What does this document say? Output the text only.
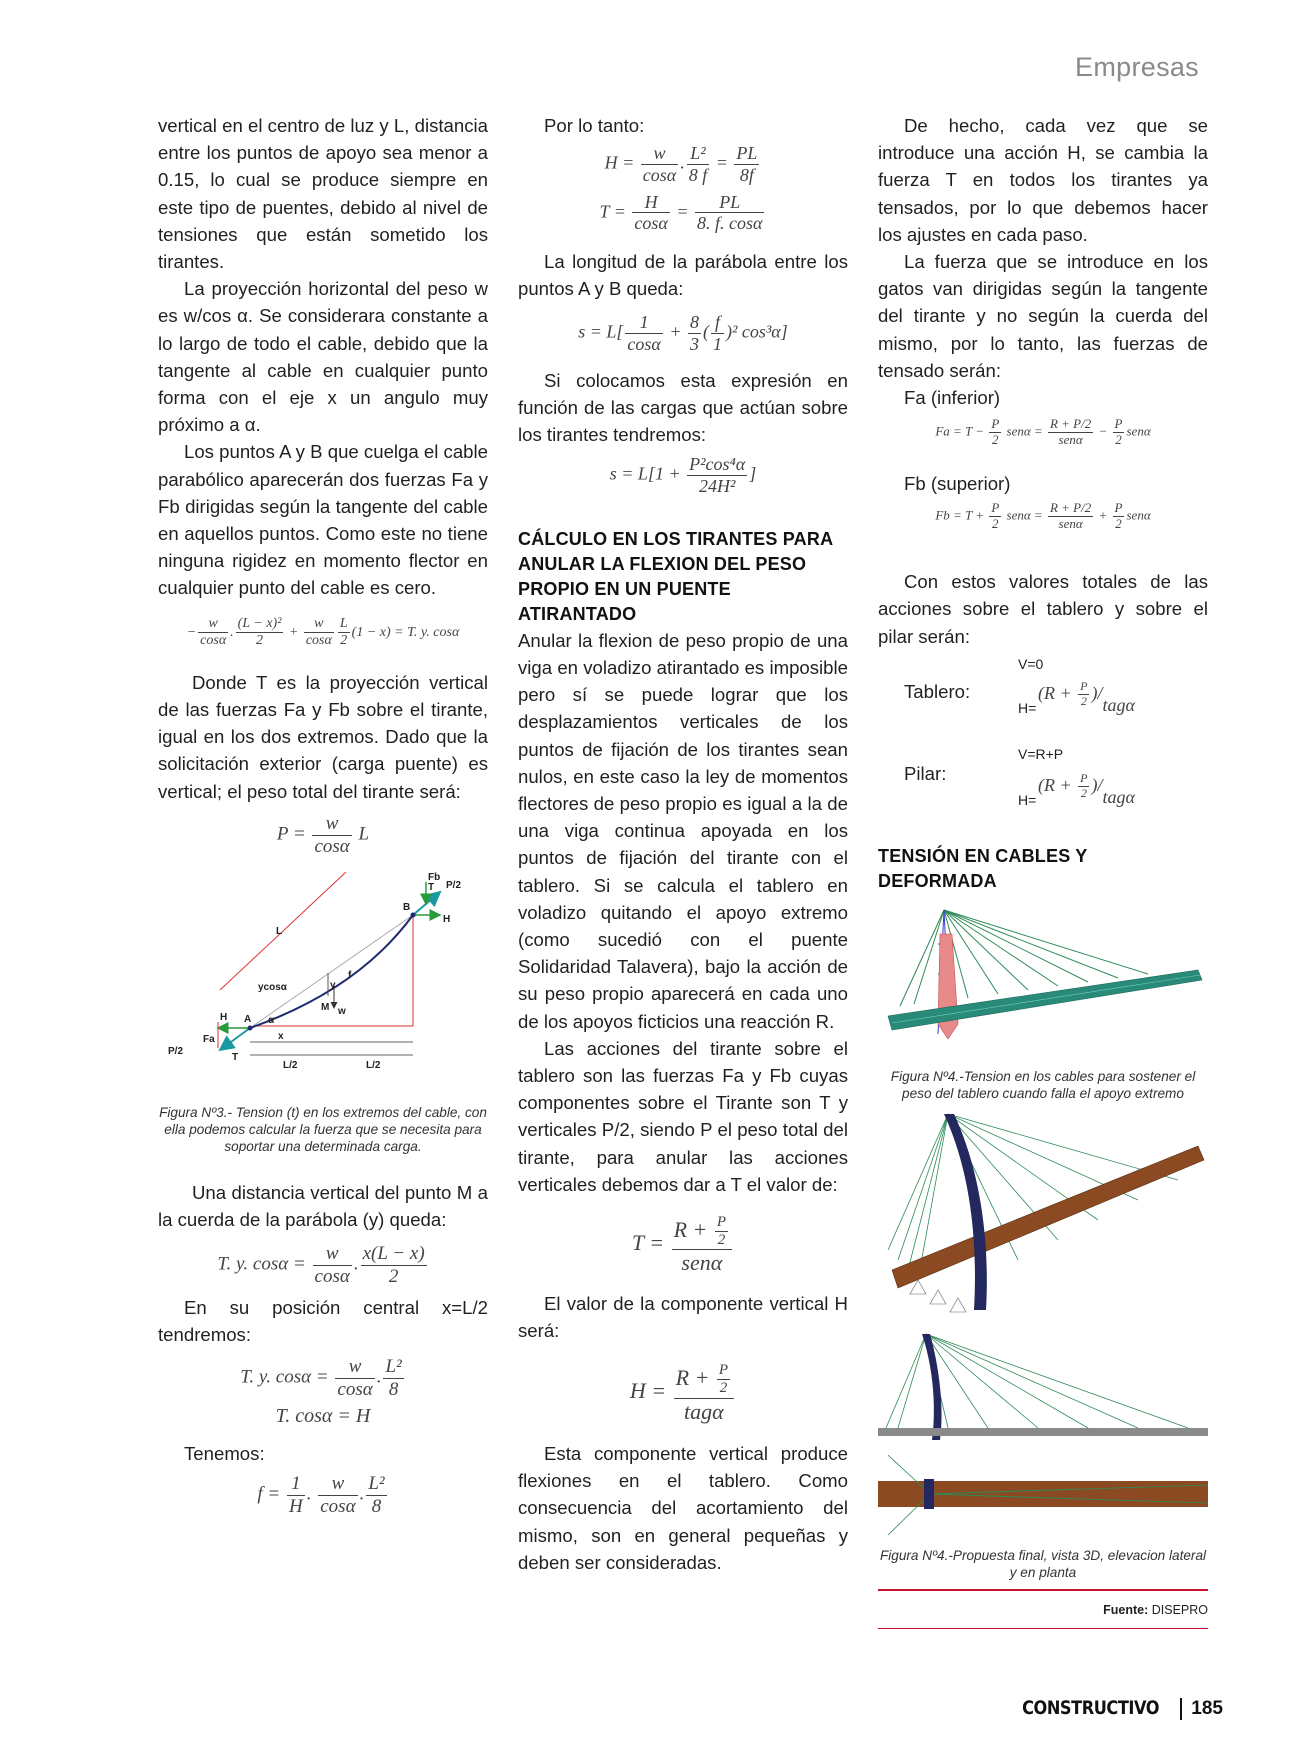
Empresas

vertical en el centro de luz y L, distancia entre los puntos de apoyo sea menor a 0.15, lo cual se produce siempre en este tipo de puentes, debido al nivel de tensiones que están sometido los tirantes.

La proyección horizontal del peso w es w/cos α. Se considerara constante a lo largo de todo el cable, debido que la tangente al cable en cualquier punto forma con el eje x un angulo muy próximo a α.

Los puntos A y B que cuelga el cable parabólico aparecerán dos fuerzas Fa y Fb dirigidas según la tangente del cable en aquellos puntos. Como este no tiene ninguna rigidez en momento flector en cualquier punto del cable es cero.

− $\frac{w}{\cos\alpha}$ . $\frac{\text{(L − x)²}}{2} + \frac{w}{\cos\alpha} \frac{L}{2} (1 - x) = T$. y. cosα

Donde T es la proyección vertical de las fuerzas Fa y Fb sobre el tirante, igual en los dos extremos. Dado que la solicitación exterior (carga puente) es vertical; el peso total del tirante será:

$P = \frac{w}{\cos\alpha}$ L
Fb
T P/2
B
H
L
ycosα	y
f
M w
H A α
Fa
P/2
T
x
L/2	L/2
Figura Nº3.- Tension (t) en los extremos del cable, con ella podemos calcular la fuerza que se necesita para soportar una determinada carga.

Una distancia vertical del punto M a la cuerda de la parábola (y) queda:

T. y. $\cos\alpha = \frac{w}{\cos\alpha}$ . $\frac{x(L - x)}{2}$

En su posición central x=L/2 tendremos:

T. y. $\cos\alpha = \frac{w}{\cos\alpha}$ . $\frac{\text{L²}}{8}$
T. cosα = H

Tenemos:

$f = \frac{1}{H}$ . $\frac{w}{\cos\alpha}$ . $\frac{\text{L²}}{8}$

Por lo tanto:

$H = \frac{w}{\cos\alpha}$ . $\frac{\text{L²}}{8 f} = \frac{PL}{8f}$
$T = \frac{H}{\cos\alpha} = \frac{PL}{8. f. \cos\alpha}$

La longitud de la parábola entre los puntos A y B queda:

$s = L[ \frac{1}{\cos\alpha} + \frac{8}{3}$ ( $\frac{f}{1} )^2$ cos³α]

Si colocamos esta expresión en función de las cargas que actúan sobre los tirantes tendremos:

$s = L[1 + \frac{\text{P²cos⁴α}}{\text{24H²}}$ ]
CÁLCULO EN LOS TIRANTES PARA ANULAR LA FLEXION DEL PESO PROPIO EN UN PUENTE ATIRANTADO

Anular la flexion de peso propio de una viga en voladizo atirantado es imposible pero sí se puede lograr que los desplazamientos verticales de los puntos de fijación de los tirantes sean nulos, en este caso la ley de momentos flectores de peso propio es igual a la de una viga continua apoyada en los puntos de fijación del tirante con el tablero. Si se calcula el tablero en voladizo quitando el apoyo extremo (como sucedió con el puente Solidaridad Talavera), bajo la acción de su peso propio aparecerá en cada uno de los apoyos ficticios una reacción R.

Las acciones del tirante sobre el tablero son las fuerzas Fa y Fb cuyas componentes sobre el Tirante son T y verticales P/2, siendo P el peso total del tirante, para anular las acciones verticales debemos dar a T el valor de:

$T = \frac{R + \frac{P}{2}}{\text{senα}}$

El valor de la componente vertical H será:

$H = \frac{R + \frac{P}{2}}{\text{tagα}}$

Esta componente vertical produce flexiones en el tablero. Como consecuencia del acortamiento del mismo, son en general pequeñas y deben ser consideradas.

De hecho, cada vez que se introduce una acción H, se cambia la fuerza T en todos los tirantes ya tensados, por lo que debemos hacer los ajustes en cada paso.

La fuerza que se introduce en los gatos van dirigidas según la tangente del tirante y no según la cuerda del mismo, por lo tanto, las fuerzas de tensado serán:

Fa (inferior)

$Fa = T - \frac{P}{2}$ $sen\alpha = \frac{R + P/2}{\text{senα}} - \frac{P}{2}$ senα

Fb (superior)

$Fb = T + \frac{P}{2}$ $sen\alpha = \frac{R + P/2}{\text{senα}} + \frac{P}{2}$ senα

Con estos valores totales de las acciones sobre el tablero y sobre el pilar serán:

Tablero:
V=0
H=
$(R + \frac{P}{2} )/tag\alpha$
Pilar:
V=R+P
H=
$(R + \frac{P}{2} )/tag\alpha$
TENSIÓN EN CABLES Y DEFORMADA
Figura Nº4.-Tension en los cables para sostener el peso del tablero cuando falla el apoyo extremo
Figura Nº4.-Propuesta final, vista 3D, elevacion lateral y en planta
Fuente: DISEPRO
CONSTRUCTIVO 185
